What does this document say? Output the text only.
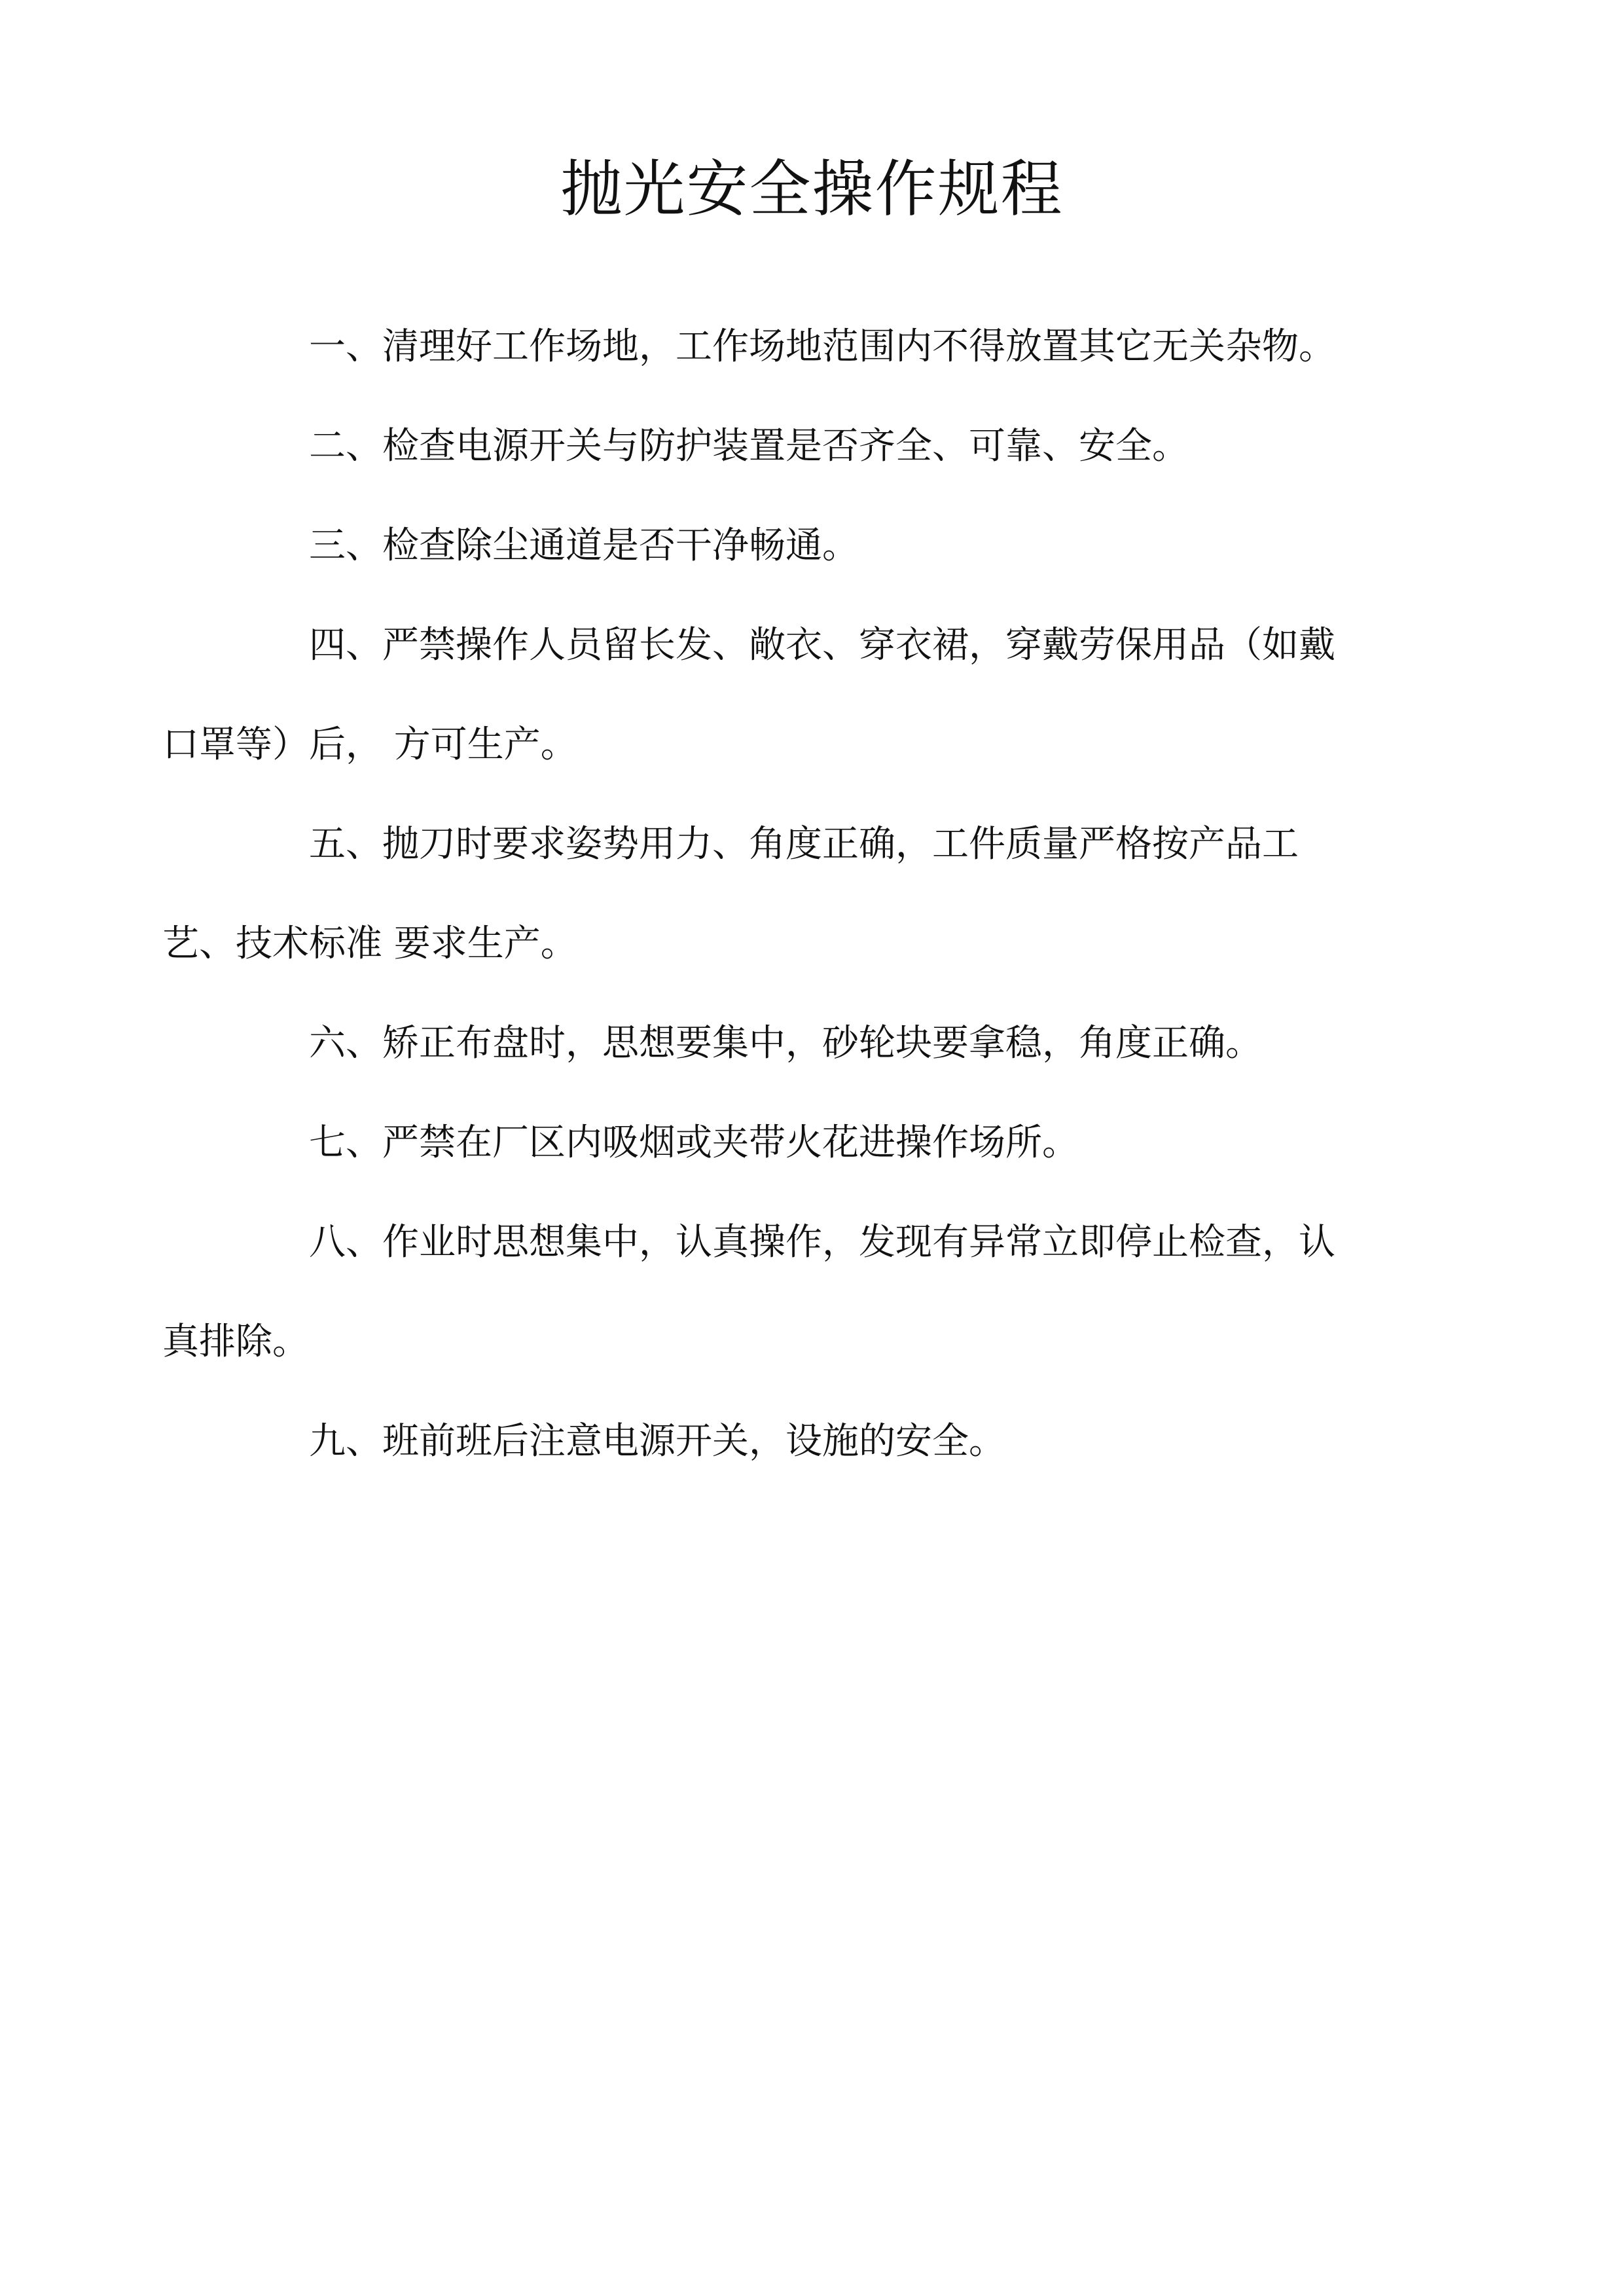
抛光安全操作规程

一、清理好工作场地，工作场地范围内不得放置其它无关杂物。

二、检查电源开关与防护装置是否齐全、可靠、安全。

三、检查除尘通道是否干净畅通。

四、严禁操作人员留长发、敞衣、穿衣裙，穿戴劳保用品（如戴
口罩等）后， 方可生产。

五、抛刀时要求姿势用力、角度正确，工件质量严格按产品工
艺、技术标准 要求生产。

六、矫正布盘时，思想要集中，砂轮块要拿稳，角度正确。

七、严禁在厂区内吸烟或夹带火花进操作场所。

八、作业时思想集中，认真操作，发现有异常立即停止检查，认
真排除。

九、班前班后注意电源开关，设施的安全。
